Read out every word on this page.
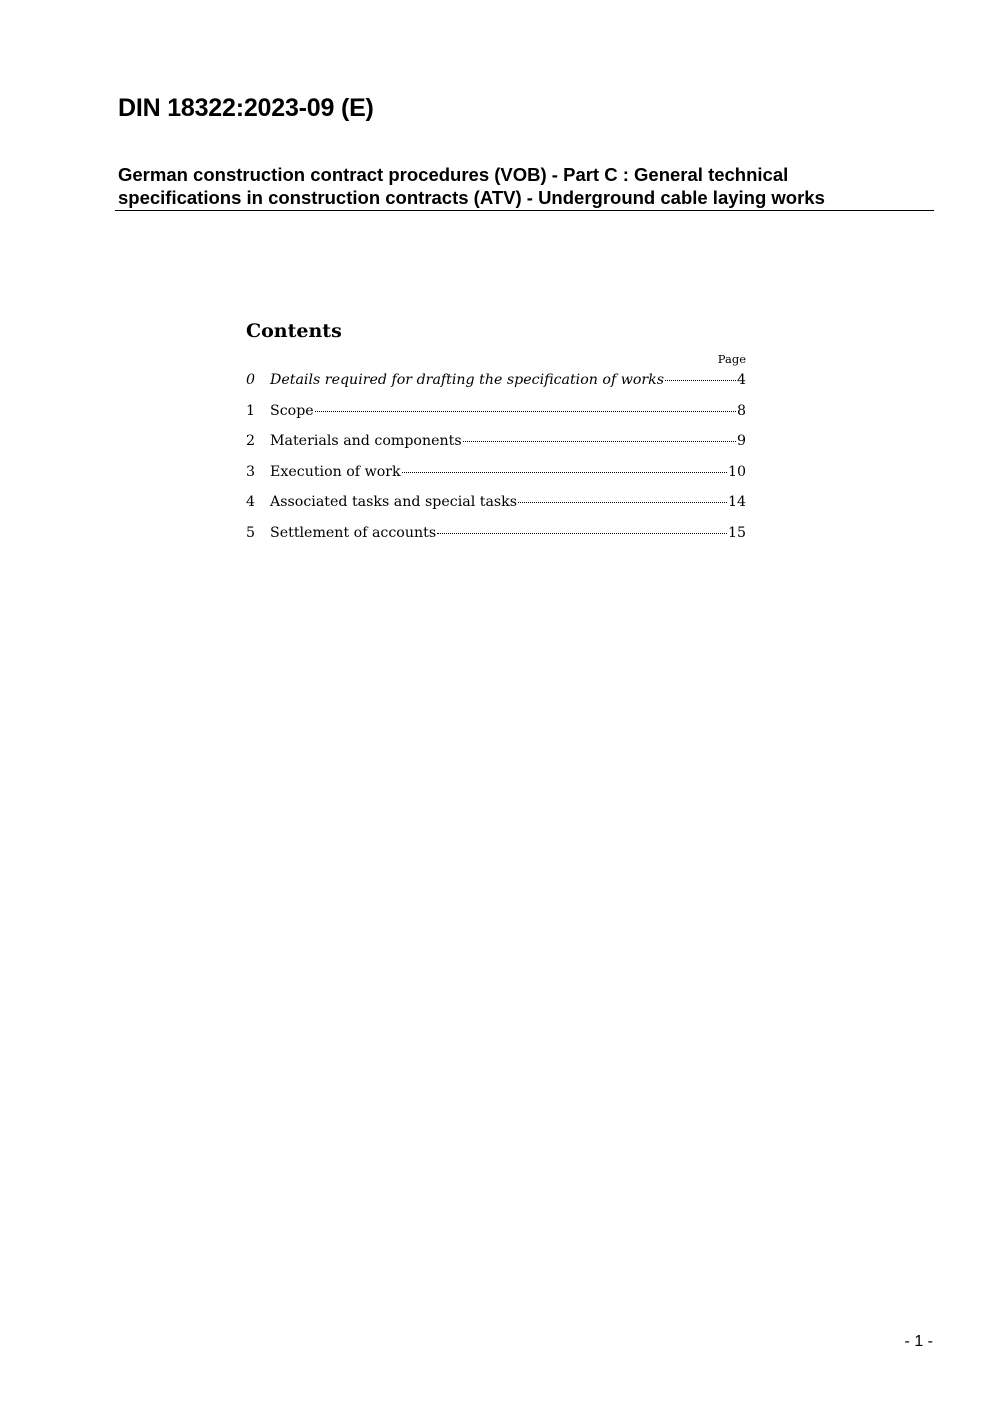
DIN 18322:2023-09 (E)
German construction contract procedures (VOB) - Part C : General technical
specifications in construction contracts (ATV) - Underground cable laying works
Contents
Page
0	Details required for drafting the specification of works	4
1	Scope	8
2	Materials and components	9
3	Execution of work	10
4	Associated tasks and special tasks	14
5	Settlement of accounts	15
- 1 -
